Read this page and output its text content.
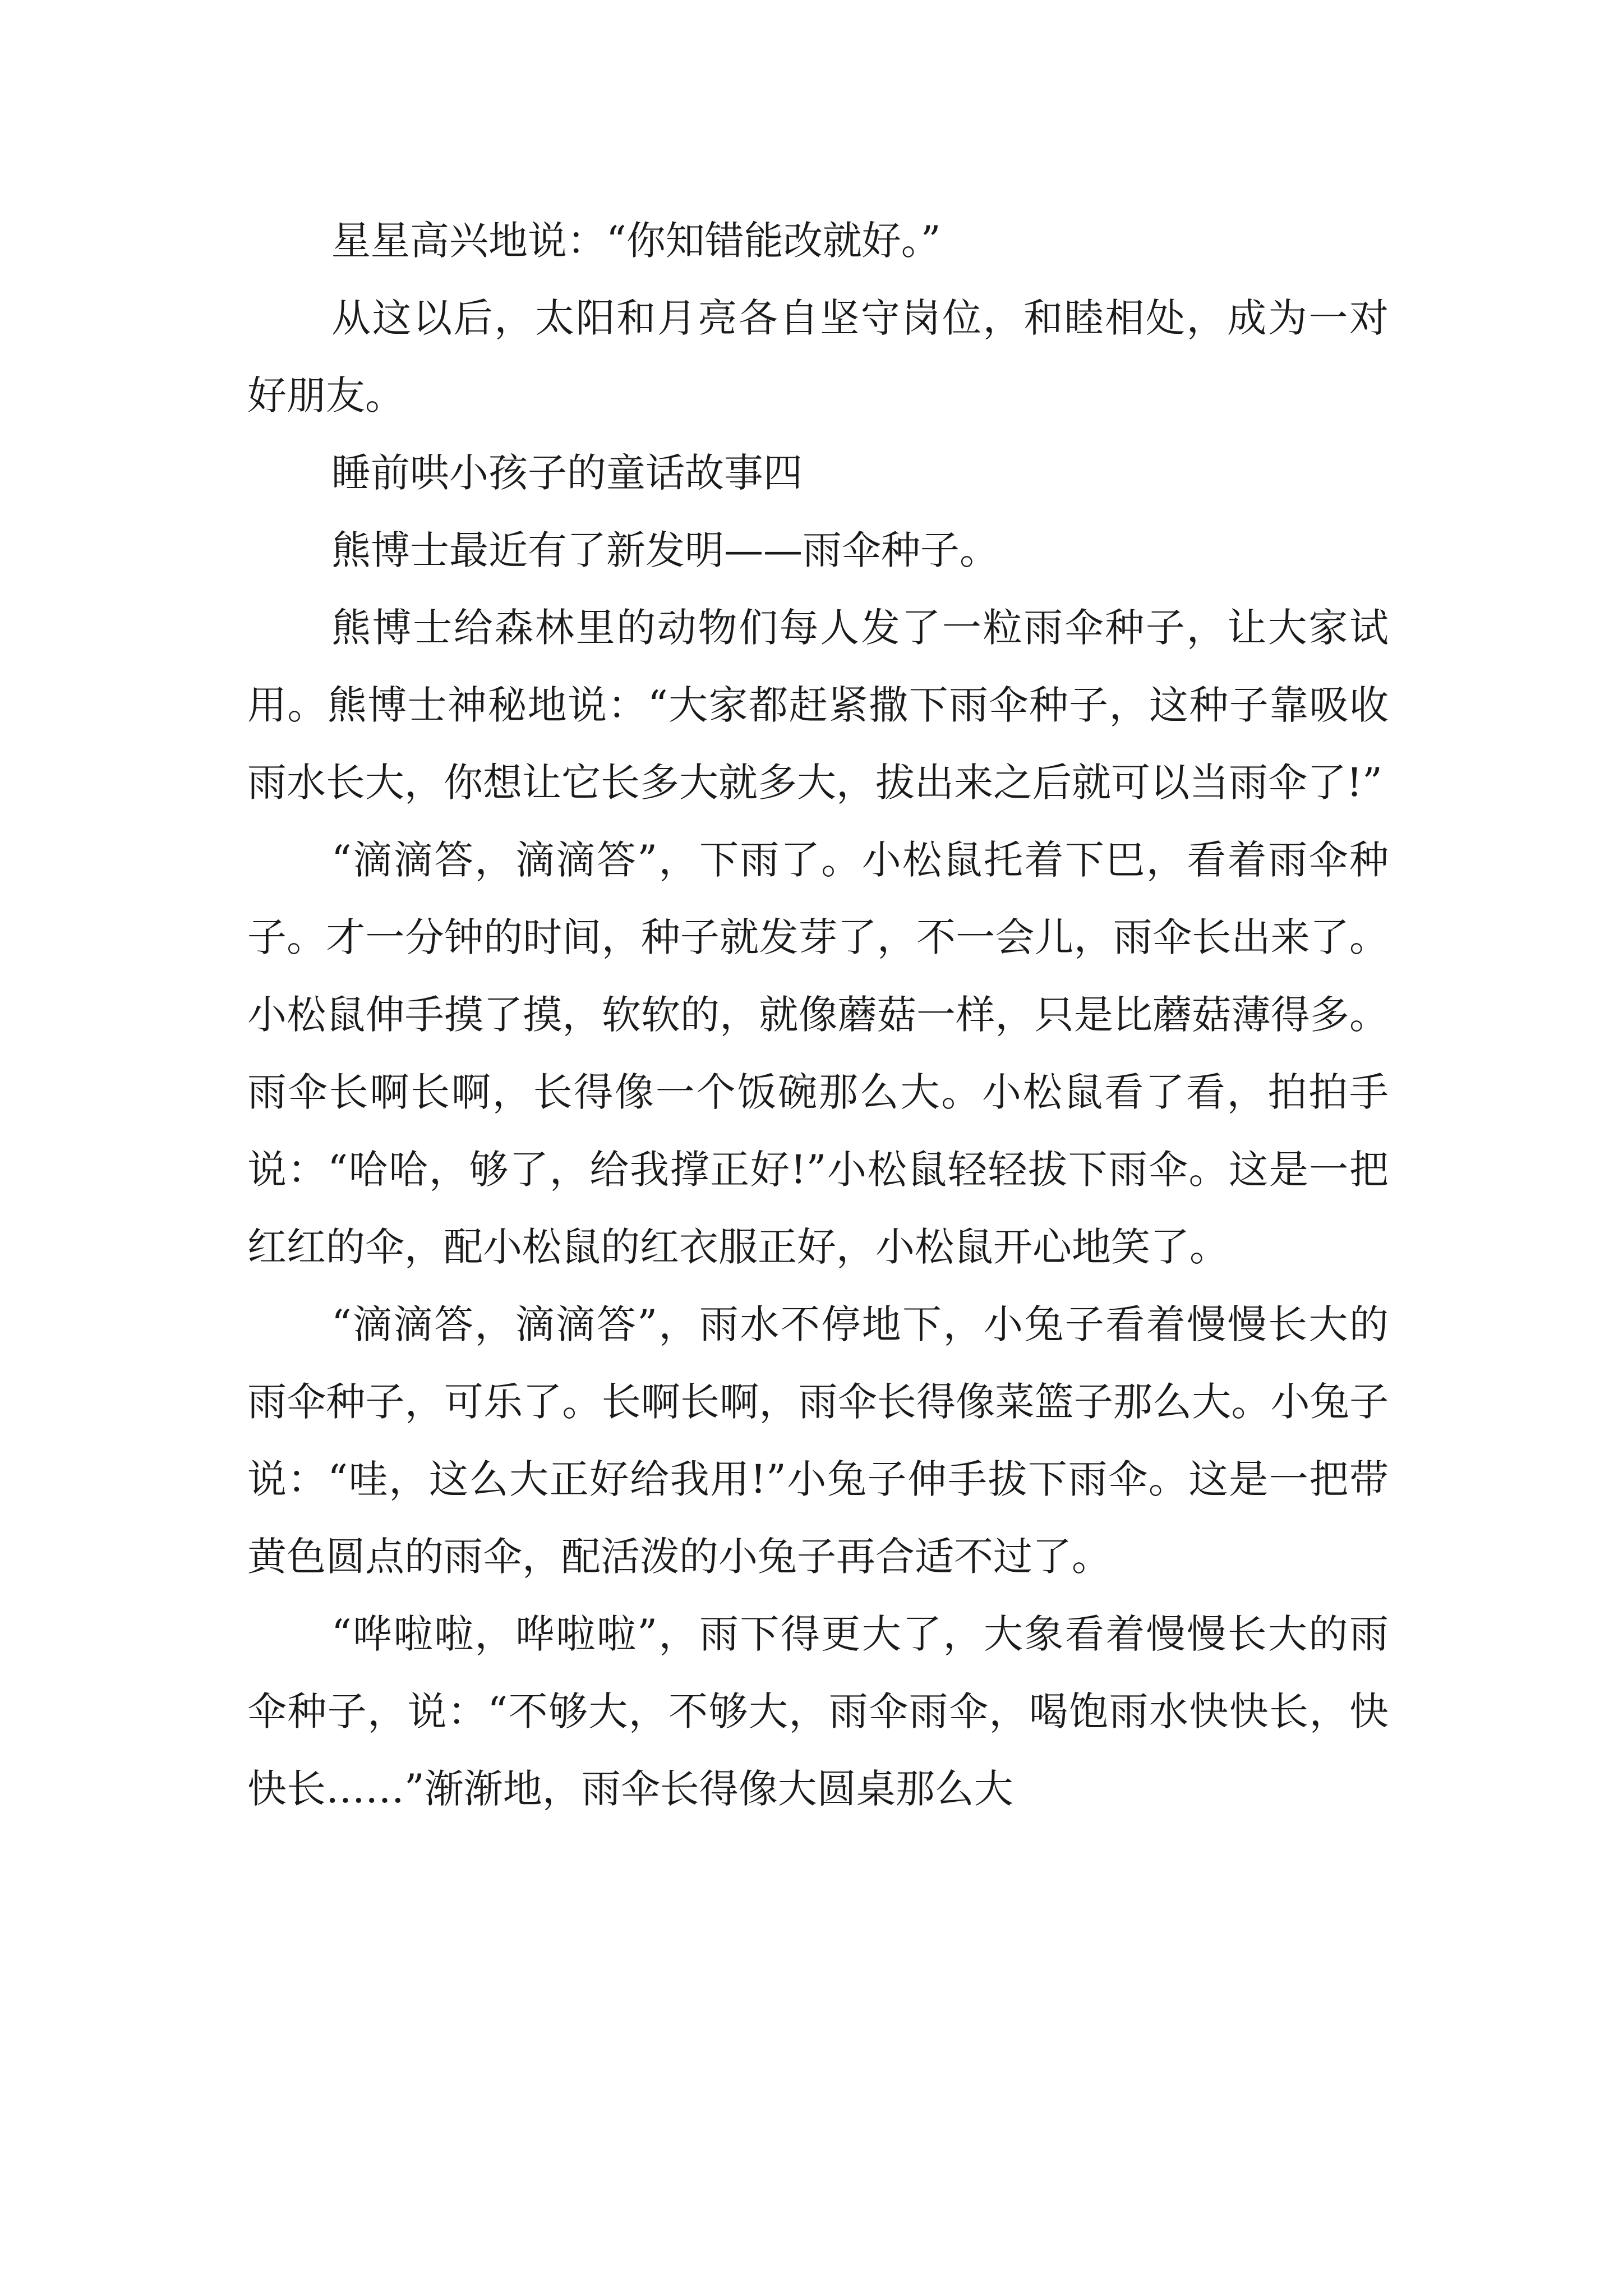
星星高兴地说：“你知错能改就好。”

从这以后，太阳和月亮各自坚守岗位，和睦相处，成为一对好朋友。

睡前哄小孩子的童话故事四

熊博士最近有了新发明——雨伞种子。

熊博士给森林里的动物们每人发了一粒雨伞种子，让大家试用。熊博士神秘地说：“大家都赶紧撒下雨伞种子，这种子靠吸收雨水长大，你想让它长多大就多大，拔出来之后就可以当雨伞了!”

“滴滴答，滴滴答”，下雨了。小松鼠托着下巴，看着雨伞种子。才一分钟的时间，种子就发芽了，不一会儿，雨伞长出来了。小松鼠伸手摸了摸，软软的，就像蘑菇一样，只是比蘑菇薄得多。雨伞长啊长啊，长得像一个饭碗那么大。小松鼠看了看，拍拍手说：“哈哈，够了，给我撑正好!”小松鼠轻轻拔下雨伞。这是一把红红的伞，配小松鼠的红衣服正好，小松鼠开心地笑了。

“滴滴答，滴滴答”，雨水不停地下，小兔子看着慢慢长大的雨伞种子，可乐了。长啊长啊，雨伞长得像菜篮子那么大。小兔子说：“哇，这么大正好给我用!”小兔子伸手拔下雨伞。这是一把带黄色圆点的雨伞，配活泼的小兔子再合适不过了。

“哗啦啦，哗啦啦”，雨下得更大了，大象看着慢慢长大的雨伞种子，说：“不够大，不够大，雨伞雨伞，喝饱雨水快快长，快快长……”渐渐地，雨伞长得像大圆桌那么大
